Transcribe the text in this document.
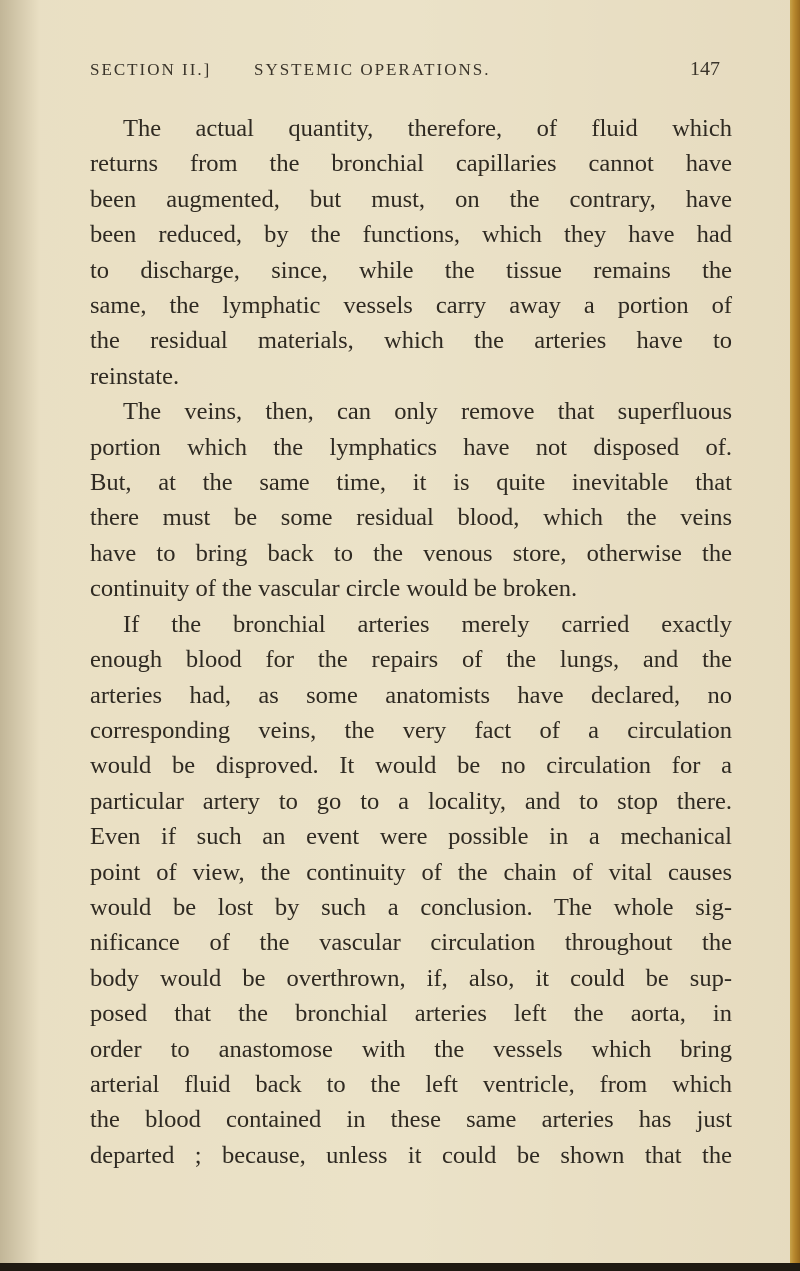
SECTION II.]	SYSTEMIC OPERATIONS.	147
The actual quantity, therefore, of fluid which
returns from the bronchial capillaries cannot have
been augmented, but must, on the contrary, have
been reduced, by the functions, which they have had
to discharge, since, while the tissue remains the
same, the lymphatic vessels carry away a portion of
the residual materials, which the arteries have to
reinstate.
The veins, then, can only remove that superfluous
portion which the lymphatics have not disposed of.
But, at the same time, it is quite inevitable that
there must be some residual blood, which the veins
have to bring back to the venous store, otherwise the
continuity of the vascular circle would be broken.
If the bronchial arteries merely carried exactly
enough blood for the repairs of the lungs, and the
arteries had, as some anatomists have declared, no
corresponding veins, the very fact of a circulation
would be disproved. It would be no circulation for a
particular artery to go to a locality, and to stop there.
Even if such an event were possible in a mechanical
point of view, the continuity of the chain of vital causes
would be lost by such a conclusion. The whole sig-
nificance of the vascular circulation throughout the
body would be overthrown, if, also, it could be sup-
posed that the bronchial arteries left the aorta, in
order to anastomose with the vessels which bring
arterial fluid back to the left ventricle, from which
the blood contained in these same arteries has just
departed ; because, unless it could be shown that the
